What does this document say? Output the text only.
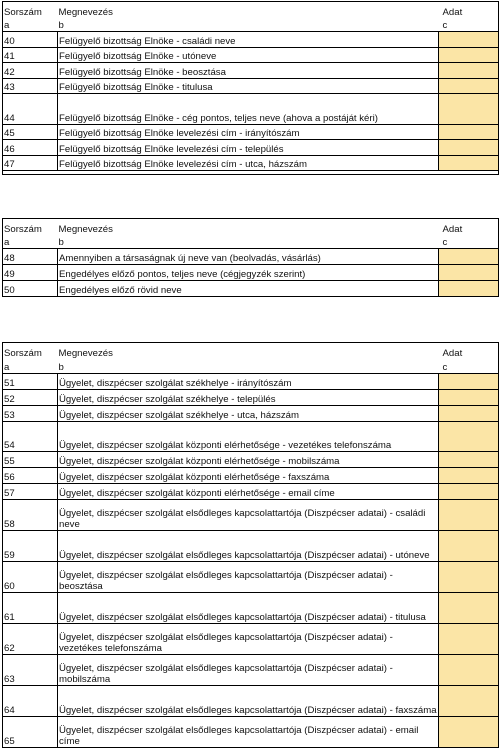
Sorszám	Megnevezés	Adat
a	b	c
40	Felügyelő bizottság Elnöke - családi neve	
41	Felügyelő bizottság Elnöke - utóneve	
42	Felügyelő bizottság Elnöke - beosztása	
43	Felügyelő bizottság Elnöke - titulusa	
44	Felügyelő bizottság Elnöke - cég pontos, teljes neve (ahova a postáját kéri)	
45	Felügyelő bizottság Elnöke levelezési cím - irányítószám	
46	Felügyelő bizottság Elnöke levelezési cím - település	
47	Felügyelő bizottság Elnöke levelezési cím - utca, házszám	

Sorszám	Megnevezés	Adat
a	b	c
48	Amennyiben a társaságnak új neve van (beolvadás, vásárlás)	
49	Engedélyes előző pontos, teljes neve (cégjegyzék szerint)	
50	Engedélyes előző rövid neve	
Sorszám	Megnevezés	Adat
a	b	c
51	Ügyelet, diszpécser szolgálat székhelye - irányítószám	
52	Ügyelet, diszpécser szolgálat székhelye - település	
53	Ügyelet, diszpécser szolgálat székhelye - utca, házszám	
54	Ügyelet, diszpécser szolgálat központi elérhetősége - vezetékes telefonszáma	
55	Ügyelet, diszpécser szolgálat központi elérhetősége - mobilszáma	
56	Ügyelet, diszpécser szolgálat központi elérhetősége - faxszáma	
57	Ügyelet, diszpécser szolgálat központi elérhetősége - email címe	
58	Ügyelet, diszpécser szolgálat elsődleges kapcsolattartója (Diszpécser adatai) - családi neve	
59	Ügyelet, diszpécser szolgálat elsődleges kapcsolattartója (Diszpécser adatai) - utóneve	
60	Ügyelet, diszpécser szolgálat elsődleges kapcsolattartója (Diszpécser adatai) - beosztása	
61	Ügyelet, diszpécser szolgálat elsődleges kapcsolattartója (Diszpécser adatai) - titulusa	
62	Ügyelet, diszpécser szolgálat elsődleges kapcsolattartója (Diszpécser adatai) - vezetékes telefonszáma	
63	Ügyelet, diszpécser szolgálat elsődleges kapcsolattartója (Diszpécser adatai) - mobilszáma	
64	Ügyelet, diszpécser szolgálat elsődleges kapcsolattartója (Diszpécser adatai) - faxszáma	
65	Ügyelet, diszpécser szolgálat elsődleges kapcsolattartója (Diszpécser adatai) - email címe	
